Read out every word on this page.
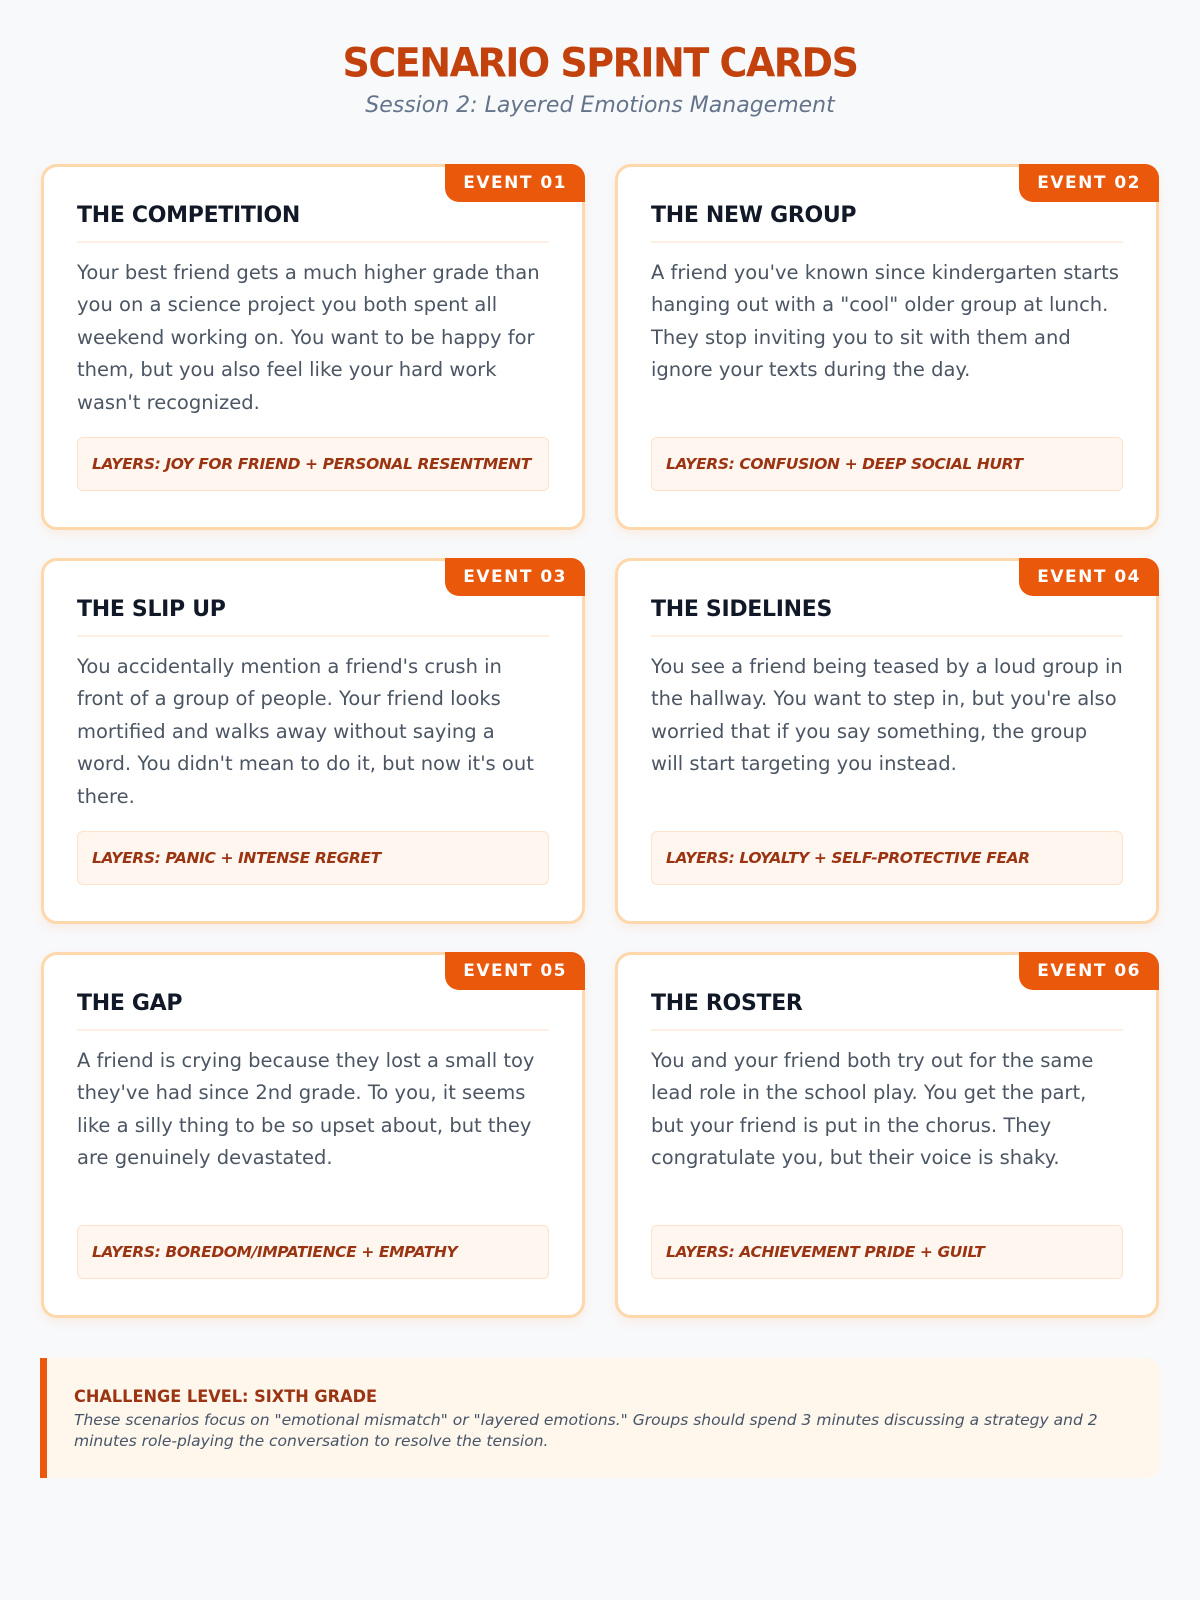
SCENARIO SPRINT CARDS
Session 2: Layered Emotions Management
EVENT 01
THE COMPETITION

Your best friend gets a much higher grade than you on a science project you both spent all weekend working on. You want to be happy for them, but you also feel like your hard work wasn't recognized.

LAYERS: JOY FOR FRIEND + PERSONAL RESENTMENT
EVENT 02
THE NEW GROUP

A friend you've known since kindergarten starts hanging out with a "cool" older group at lunch. They stop inviting you to sit with them and ignore your texts during the day.

LAYERS: CONFUSION + DEEP SOCIAL HURT
EVENT 03
THE SLIP UP

You accidentally mention a friend's crush in front of a group of people. Your friend looks mortified and walks away without saying a word. You didn't mean to do it, but now it's out there.

LAYERS: PANIC + INTENSE REGRET
EVENT 04
THE SIDELINES

You see a friend being teased by a loud group in the hallway. You want to step in, but you're also worried that if you say something, the group will start targeting you instead.

LAYERS: LOYALTY + SELF-PROTECTIVE FEAR
EVENT 05
THE GAP

A friend is crying because they lost a small toy they've had since 2nd grade. To you, it seems like a silly thing to be so upset about, but they are genuinely devastated.

LAYERS: BOREDOM/IMPATIENCE + EMPATHY
EVENT 06
THE ROSTER

You and your friend both try out for the same lead role in the school play. You get the part, but your friend is put in the chorus. They congratulate you, but their voice is shaky.

LAYERS: ACHIEVEMENT PRIDE + GUILT
CHALLENGE LEVEL: SIXTH GRADE

These scenarios focus on "emotional mismatch" or "layered emotions." Groups should spend 3 minutes discussing a strategy and 2 minutes role-playing the conversation to resolve the tension.
